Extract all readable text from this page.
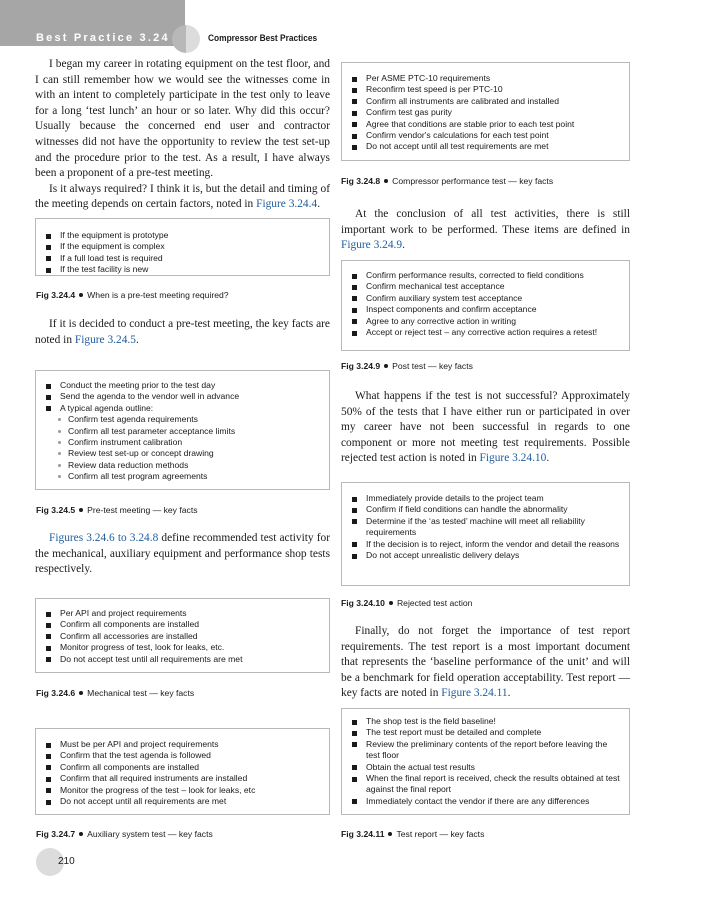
Best Practice 3.24	Compressor Best Practices
I began my career in rotating equipment on the test floor, and I can still remember how we would see the witnesses come in with an intent to completely participate in the test only to leave for a long ‘test lunch’ an hour or so later. Why did this occur? Usually because the concerned end user and contractor witnesses did not have the opportunity to review the test set-up and the procedure prior to the test. As a result, I have always been a proponent of a pre-test meeting.
Is it always required? I think it is, but the detail and timing of the meeting depends on certain factors, noted in Figure 3.24.4.
If the equipment is prototype
If the equipment is complex
If a full load test is required
If the test facility is new
Fig 3.24.4 When is a pre-test meeting required?
If it is decided to conduct a pre-test meeting, the key facts are noted in Figure 3.24.5.
Conduct the meeting prior to the test day
Send the agenda to the vendor well in advance
A typical agenda outline:
Confirm test agenda requirements
Confirm all test parameter acceptance limits
Confirm instrument calibration
Review test set-up or concept drawing
Review data reduction methods
Confirm all test program agreements
Fig 3.24.5 Pre-test meeting — key facts
Figures 3.24.6 to 3.24.8 define recommended test activity for the mechanical, auxiliary equipment and performance shop tests respectively.
Per API and project requirements
Confirm all components are installed
Confirm all accessories are installed
Monitor progress of test, look for leaks, etc.
Do not accept test until all requirements are met
Fig 3.24.6 Mechanical test — key facts
Must be per API and project requirements
Confirm that the test agenda is followed
Confirm all components are installed
Confirm that all required instruments are installed
Monitor the progress of the test – look for leaks, etc
Do not accept until all requirements are met
Fig 3.24.7 Auxiliary system test — key facts
Per ASME PTC-10 requirements
Reconfirm test speed is per PTC-10
Confirm all instruments are calibrated and installed
Confirm test gas purity
Agree that conditions are stable prior to each test point
Confirm vendor's calculations for each test point
Do not accept until all test requirements are met
Fig 3.24.8 Compressor performance test — key facts
At the conclusion of all test activities, there is still important work to be performed. These items are defined in Figure 3.24.9.
Confirm performance results, corrected to field conditions
Confirm mechanical test acceptance
Confirm auxiliary system test acceptance
Inspect components and confirm acceptance
Agree to any corrective action in writing
Accept or reject test – any corrective action requires a retest!
Fig 3.24.9 Post test — key facts
What happens if the test is not successful? Approximately 50% of the tests that I have either run or participated in over my career have not been successful in regards to one component or more not meeting test requirements. Possible rejected test action is noted in Figure 3.24.10.
Immediately provide details to the project team
Confirm if field conditions can handle the abnormality
Determine if the ‘as tested’ machine will meet all reliability requirements
If the decision is to reject, inform the vendor and detail the reasons
Do not accept unrealistic delivery delays
Fig 3.24.10 Rejected test action
Finally, do not forget the importance of test report requirements. The test report is a most important document that represents the ‘baseline performance of the unit’ and will be a benchmark for field operation acceptability. Test report — key facts are noted in Figure 3.24.11.
The shop test is the field baseline!
The test report must be detailed and complete
Review the preliminary contents of the report before leaving the test floor
Obtain the actual test results
When the final report is received, check the results obtained at test against the final report
Immediately contact the vendor if there are any differences
Fig 3.24.11 Test report — key facts
210
